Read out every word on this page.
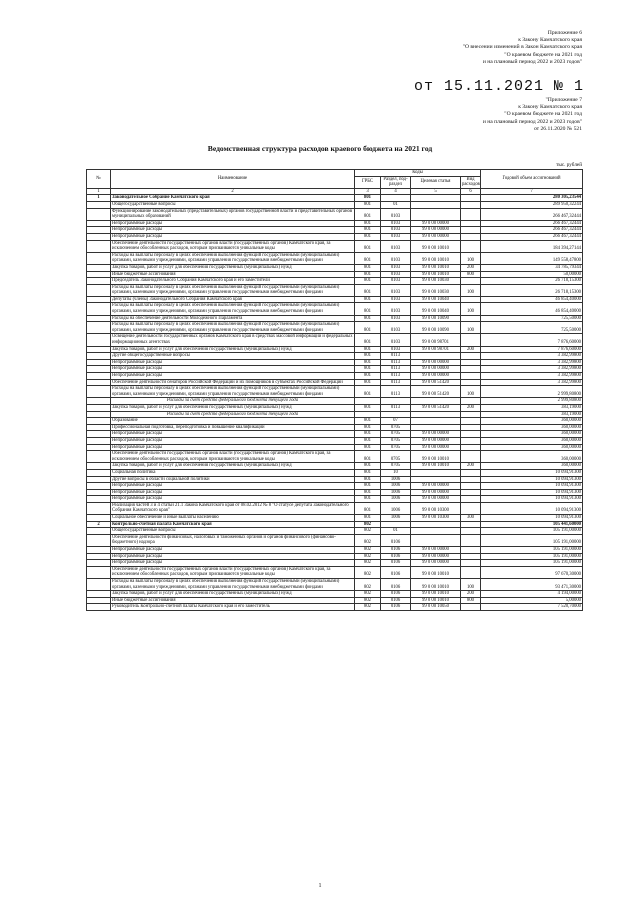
Приложение 6
к Закону Камчатского края
"О внесении изменений в Закон Камчатского края
"О краевом бюджете на 2021 год
и на плановый период 2022 и 2023 годов"
от 15.11.2021 № 1
"Приложение 7
к Закону Камчатского края
"О краевом бюджете на 2021 год
и на плановый период 2022 и 2023 годов"
от 26.11.2020 № 521
Ведомственная структура расходов краевого бюджета на 2021 год
тыс. рублей
№	Наименование	Коды				Годовой объем ассигнований
		ГРБС	Раздел, под-раздел	Целевая статья	Вид расходов	
1	2	3	4	5	6	7
1	Законодательное Собрание Камчатского края	801				280 305,23544
	Общегосударственные вопросы	801	01			289 950,32244
	Функционирование законодательных (представительных) органов государственной власти и представительных органов муниципальных образований	801	0103			266 467,32444
	Непрограммные расходы	801	0103	99 0 00 00000		266 467,32444
	Непрограммные расходы	801	0103	99 0 00 00000		266 467,32444
	Непрограммные расходы	801	0103	99 0 00 00000		266 467,32444
	Обеспечение деятельности государственных органов власти (государственных органов) Камчатского края, за исключением обособленных расходов, которым присваиваются уникальные коды	801	0103	99 0 00 10010		184 394,27144
	Расходы на выплаты персоналу в целях обеспечения выполнения функций государственными (муниципальными) органами, казенными учреждениями, органами управления государственными внебюджетными фондами	801	0103	99 0 00 10010	100	149 558,47800
	Закупка товаров, работ и услуг для обеспечения государственных (муниципальных) нужд	801	0103	99 0 00 10010	200	34 785,79344
	Иные бюджетные ассигнования	801	0103	99 0 00 10010	800	50,00000
	Председатель Законодательного Собрания Камчатского края и его заместители	801	0103	99 0 00 10030		26 718,15300
	Расходы на выплаты персоналу в целях обеспечения выполнения функций государственными (муниципальными) органами, казенными учреждениями, органами управления государственными внебюджетными фондами	801	0103	99 0 00 10030	100	26 718,15300
	Депутаты (члены) Законодательного Собрания Камчатского края	801	0103	99 0 00 10040		46 854,40000
	Расходы на выплаты персоналу в целях обеспечения выполнения функций государственными (муниципальными) органами, казенными учреждениями, органами управления государственными внебюджетными фондами	801	0103	99 0 00 10040	100	46 854,40000
	Расходы на обеспечение деятельности Молодежного Парламента	801	0103	99 0 00 10090		725,50000
	Расходы на выплаты персоналу в целях обеспечения выполнения функций государственными (муниципальными) органами, казенными учреждениями, органами управления государственными внебюджетными фондами	801	0103	99 0 00 10090	100	725,50000
	Освещение деятельности государственных органов Камчатского края в средствах массовой информации и федеральных информационных агентствах	801	0103	99 0 00 98701		7 876,60000
	Закупка товаров, работ и услуг для обеспечения государственных (муниципальных) нужд	801	0103	99 0 00 98701	200	7 876,60000
	Другие общегосударственные вопросы	801	0113			3 382,99800
	Непрограммные расходы	801	0113	99 0 00 00000		3 382,99800
	Непрограммные расходы	801	0113	99 0 00 00000		3 382,99800
	Непрограммные расходы	801	0113	99 0 00 00000		3 382,99800
	Обеспечение деятельности сенаторов Российской Федерации и их помощников в субъектах Российской Федерации	801	0113	99 0 00 51420		3 382,99800
	Расходы на выплаты персоналу в целях обеспечения выполнения функций государственными (муниципальными) органами, казенными учреждениями, органами управления государственными внебюджетными фондами	801	0113	99 0 00 51420	100	2 999,80800
	Расходы за счет средств федерального бюджета текущего года					2 999,80800
	Закупка товаров, работ и услуг для обеспечения государственных (муниципальных) нужд	801	0113	99 0 00 51420	200	383,19000
	Расходы за счет средств федерального бюджета текущего года					383,19000
	Образование	801	07			360,00000
	Профессиональная подготовка, переподготовка и повышение квалификации	801	0705			360,00000
	Непрограммные расходы	801	0705	99 0 00 00000		360,00000
	Непрограммные расходы	801	0705	99 0 00 00000		360,00000
	Непрограммные расходы	801	0705	99 0 00 00000		360,00000
	Обеспечение деятельности государственных органов власти (государственных органов) Камчатского края, за исключением обособленных расходов, которым присваиваются уникальные коды	801	0705	99 0 00 10010		360,00000
	Закупка товаров, работ и услуг для обеспечения государственных (муниципальных) нужд	801	0705	99 0 00 10010	200	360,00000
	Социальная политика	801	10			10 094,91300
	Другие вопросы в области социальной политики	801	1006			10 094,91300
	Непрограммные расходы	801	1006	99 0 00 00000		10 094,91300
	Непрограммные расходы	801	1006	99 0 00 00000		10 094,91300
	Непрограммные расходы	801	1006	99 0 00 00000		10 094,91300
	Реализация частей 3 и 4 статьи 21.1 Закона Камчатского края от 08.02.2012 № 8 "О статусе депутата Законодательного Собрания Камчатского края"	801	1006	99 0 00 10300		10 094,91300
	Социальное обеспечение и иные выплаты населению	801	1006	99 0 00 10300	300	10 094,91300
2	Контрольно-счетная палата Камчатского края	802				105 441,60000
	Общегосударственные вопросы	802	01			105 191,00000
	Обеспечение деятельности финансовых, налоговых и таможенных органов и органов финансового (финансово-бюджетного) надзора	802	0106			105 191,00000
	Непрограммные расходы	802	0106	99 0 00 00000		105 191,00000
	Непрограммные расходы	802	0106	99 0 00 00000		105 191,00000
	Непрограммные расходы	802	0106	99 0 00 00000		105 191,00000
	Обеспечение деятельности государственных органов власти (государственных органов) Камчатского края, за исключением обособленных расходов, которым присваиваются уникальные коды	802	0106	99 0 00 10010		97 670,30000
	Расходы на выплаты персоналу в целях обеспечения выполнения функций государственными (муниципальными) органами, казенными учреждениями, органами управления государственными внебюджетными фондами	802	0106	99 0 00 10010	100	93 471,30000
	Закупка товаров, работ и услуг для обеспечения государственных (муниципальных) нужд	802	0106	99 0 00 10010	200	4 194,00000
	Иные бюджетные ассигнования	802	0106	99 0 00 10010	800	5,00000
	Руководитель Контрольно-счетной палаты Камчатского края и его заместитель	802	0106	99 0 00 10050		7 520,70000
1
